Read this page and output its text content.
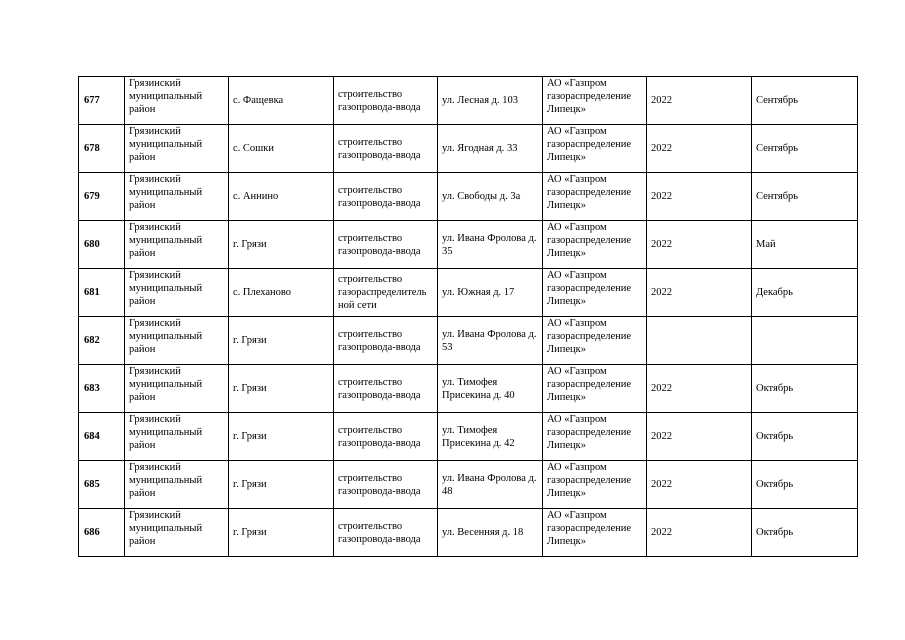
677	Грязинский муниципальный район	с. Фащевка	строительство газопровода-ввода	ул. Лесная д. 103	АО «Газпром газораспределение Липецк»	2022	Сентябрь
678	Грязинский муниципальный район	с. Сошки	строительство газопровода-ввода	ул. Ягодная д. 33	АО «Газпром газораспределение Липецк»	2022	Сентябрь
679	Грязинский муниципальный район	с. Аннино	строительство газопровода-ввода	ул. Свободы д. 3а	АО «Газпром газораспределение Липецк»	2022	Сентябрь
680	Грязинский муниципальный район	г. Грязи	строительство газопровода-ввода	ул. Ивана Фролова д. 35	АО «Газпром газораспределение Липецк»	2022	Май
681	Грязинский муниципальный район	с. Плеханово	строительство газораспределитель ной сети	ул. Южная д. 17	АО «Газпром газораспределение Липецк»	2022	Декабрь
682	Грязинский муниципальный район	г. Грязи	строительство газопровода-ввода	ул. Ивана Фролова д. 53	АО «Газпром газораспределение Липецк»		
683	Грязинский муниципальный район	г. Грязи	строительство газопровода-ввода	ул. Тимофея Присекина д. 40	АО «Газпром газораспределение Липецк»	2022	Октябрь
684	Грязинский муниципальный район	г. Грязи	строительство газопровода-ввода	ул. Тимофея Присекина д. 42	АО «Газпром газораспределение Липецк»	2022	Октябрь
685	Грязинский муниципальный район	г. Грязи	строительство газопровода-ввода	ул. Ивана Фролова д. 48	АО «Газпром газораспределение Липецк»	2022	Октябрь
686	Грязинский муниципальный район	г. Грязи	строительство газопровода-ввода	ул. Весенняя д. 18	АО «Газпром газораспределение Липецк»	2022	Октябрь
